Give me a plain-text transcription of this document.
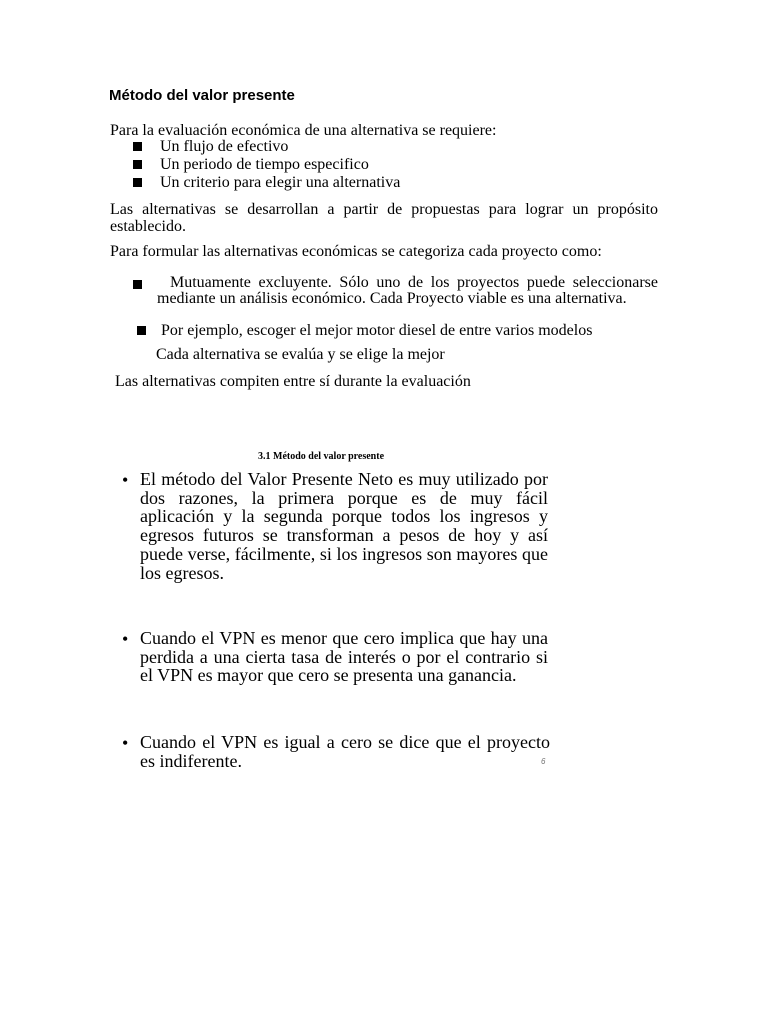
Método del valor presente
Para la evaluación económica de una alternativa se requiere:
Un flujo de efectivo
Un periodo de tiempo especifico
Un criterio para elegir una alternativa
Las alternativas se desarrollan a partir de propuestas para lograr un propósito establecido.
Para formular las alternativas económicas se categoriza cada proyecto como:
Mutuamente excluyente. Sólo uno de los proyectos puede seleccionarse mediante un análisis económico. Cada Proyecto viable es una alternativa.
Por ejemplo, escoger el mejor motor diesel de entre varios modelos
Cada alternativa se evalúa y se elige la mejor
Las alternativas compiten entre sí durante la evaluación
3.1 Método del valor presente
• El método del Valor Presente Neto es muy utilizado por dos razones, la primera porque es de muy fácil aplicación y la segunda porque todos los ingresos y egresos futuros se transforman a pesos de hoy y así puede verse, fácilmente, si los ingresos son mayores que los egresos.
• Cuando el VPN es menor que cero implica que hay una perdida a una cierta tasa de interés o por el contrario si el VPN es mayor que cero se presenta una ganancia.
• Cuando el VPN es igual a cero se dice que el proyecto es indiferente.	6
